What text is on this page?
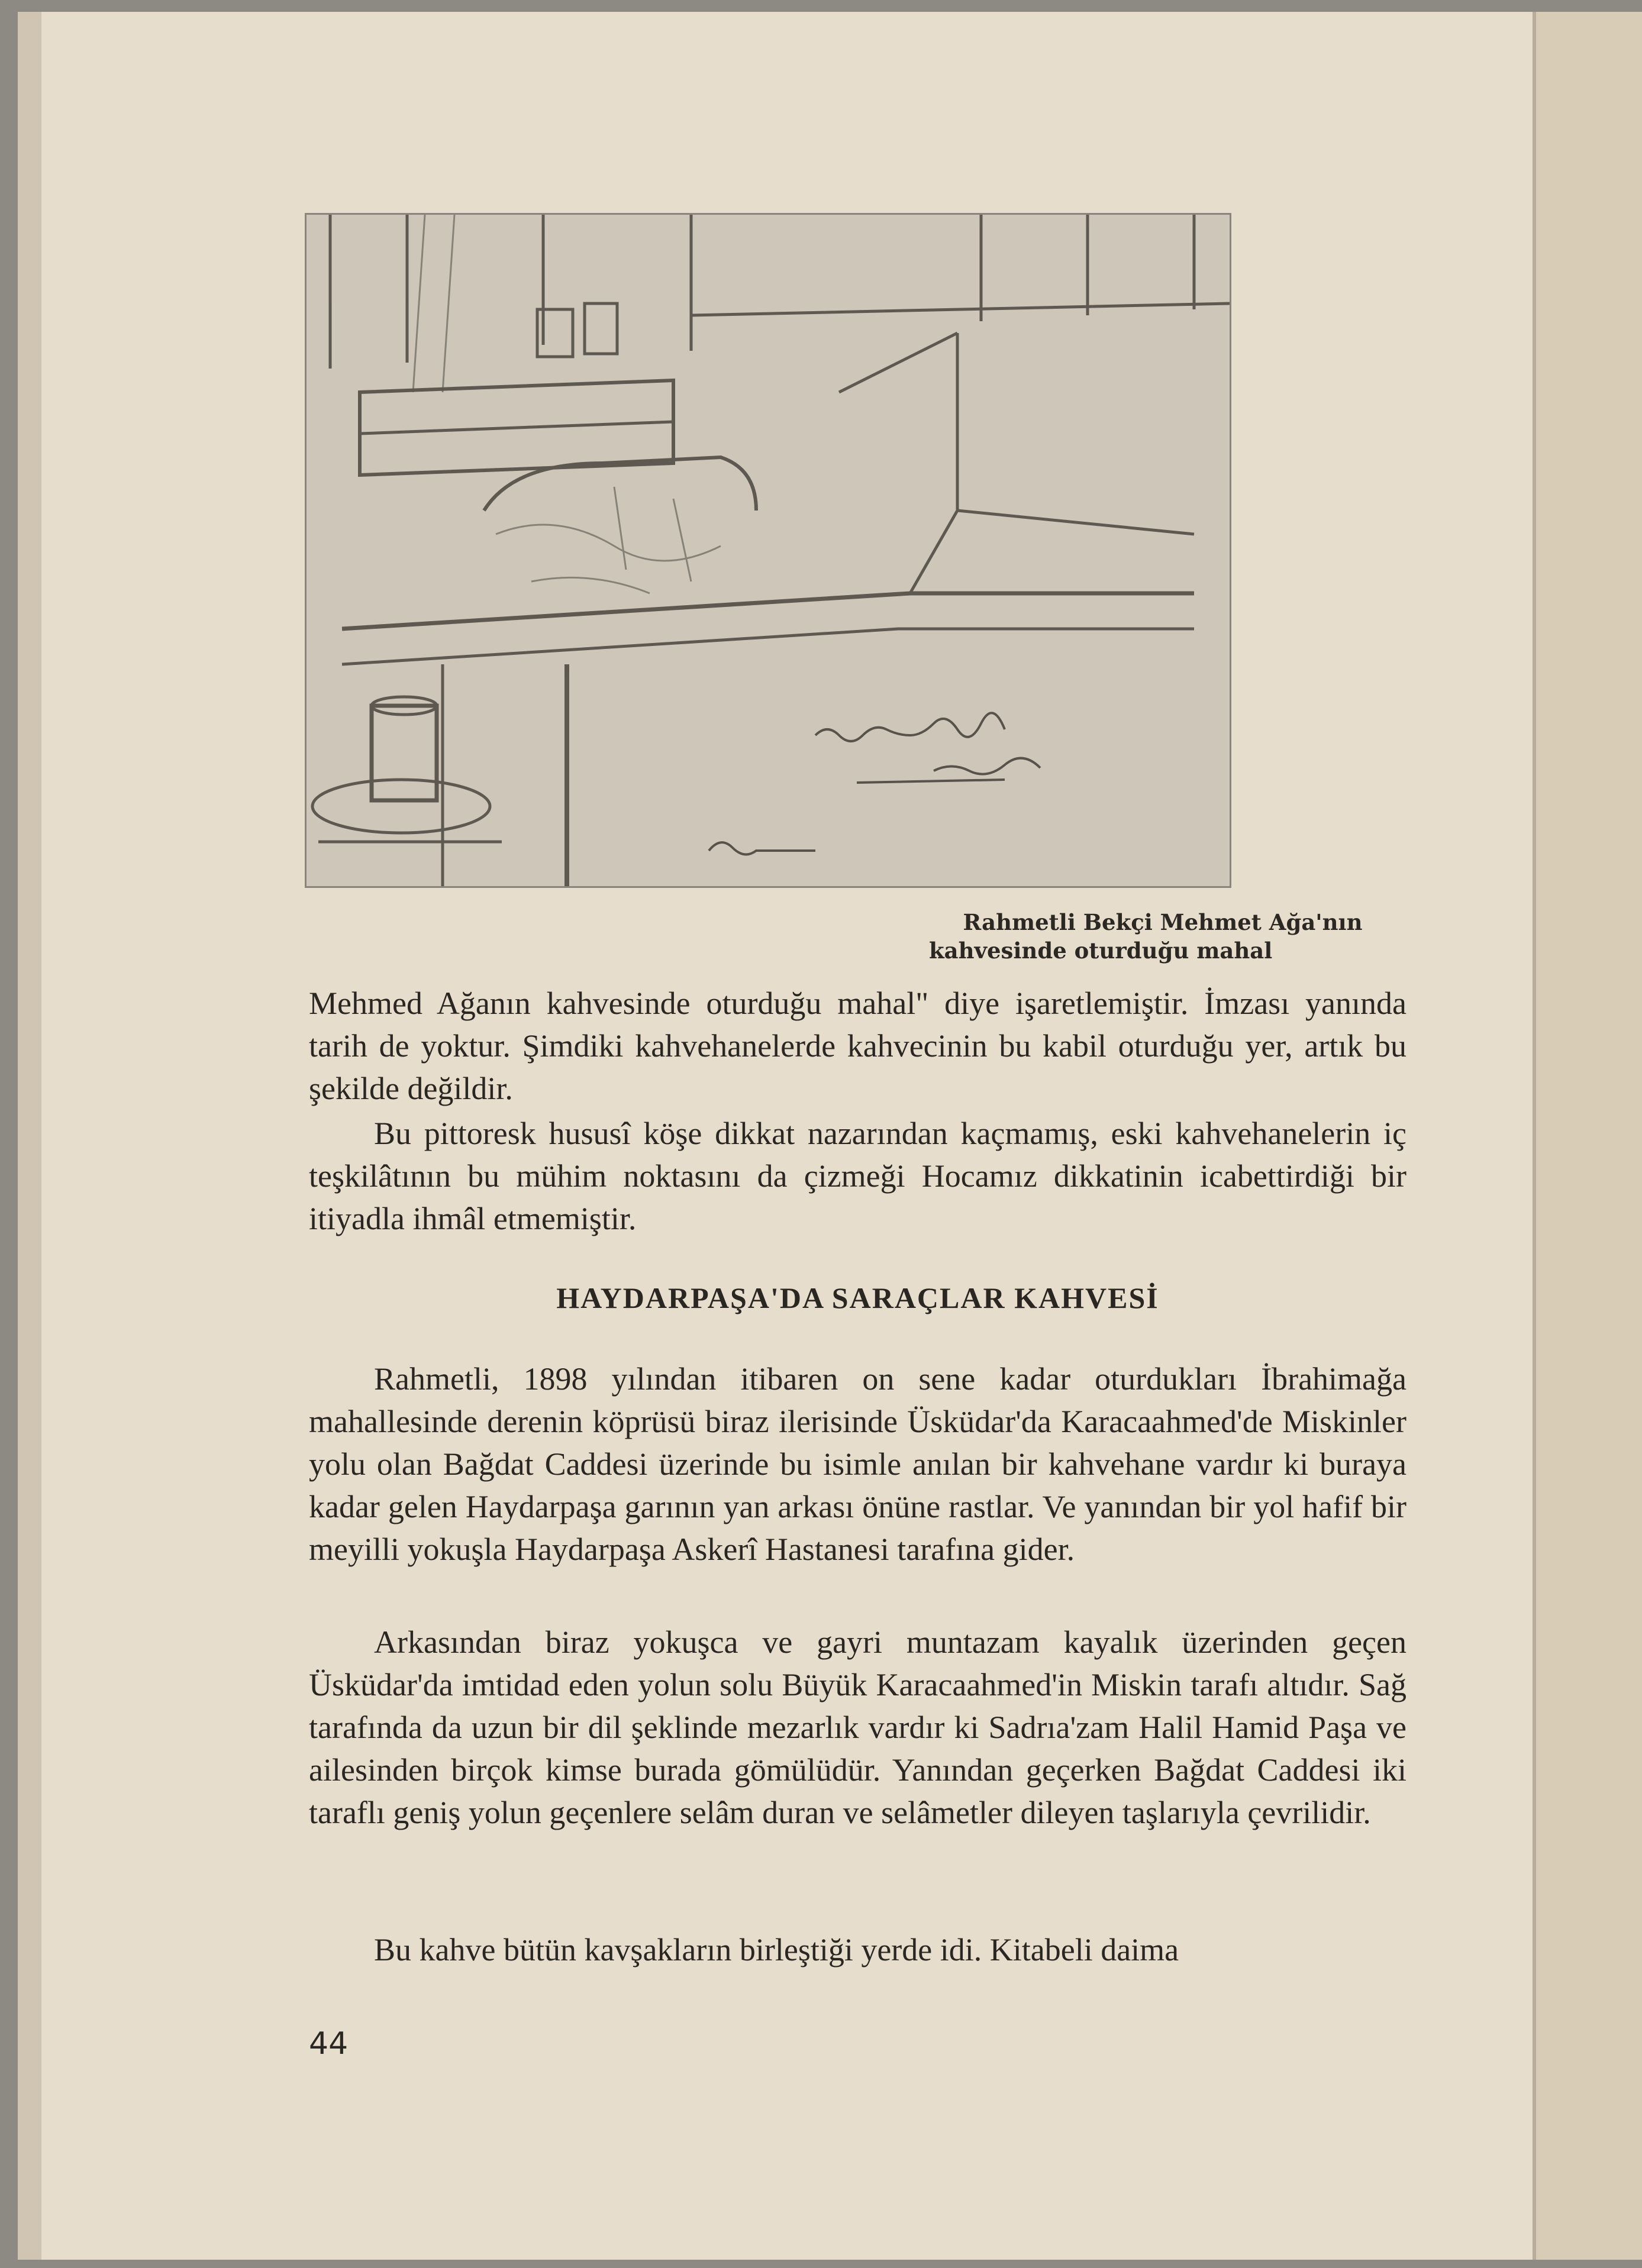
Rahmetli Bekçi Mehmet Ağa'nın
kahvesinde oturduğu mahal

Mehmed Ağanın kahvesinde oturduğu mahal" diye işaretlemiştir. İmzası yanında tarih de yoktur. Şimdiki kahvehanelerde kahvecinin bu kabil oturduğu yer, artık bu şekilde değildir.

Bu pittoresk hususî köşe dikkat nazarından kaçmamış, eski kahvehanelerin iç teşkilâtının bu mühim noktasını da çizmeği Hocamız dikkatinin icabettirdiği bir itiyadla ihmâl etmemiştir.

HAYDARPAŞA'DA SARAÇLAR KAHVESİ

Rahmetli, 1898 yılından itibaren on sene kadar oturdukları İbrahimağa mahallesinde derenin köprüsü biraz ilerisinde Üsküdar'da Karacaahmed'de Miskinler yolu olan Bağdat Caddesi üzerinde bu isimle anılan bir kahvehane vardır ki buraya kadar gelen Haydarpaşa garının yan arkası önüne rastlar. Ve yanından bir yol hafif bir meyilli yokuşla Haydarpaşa Askerî Hastanesi tarafına gider.

Arkasından biraz yokuşca ve gayri muntazam kayalık üzerinden geçen Üsküdar'da imtidad eden yolun solu Büyük Karacaahmed'in Miskin tarafı altıdır. Sağ tarafında da uzun bir dil şeklinde mezarlık vardır ki Sadrıa'zam Halil Hamid Paşa ve ailesinden birçok kimse burada gömülüdür. Yanından geçerken Bağdat Caddesi iki taraflı geniş yolun geçenlere selâm duran ve selâmetler dileyen taşlarıyla çevrilidir.

Bu kahve bütün kavşakların birleştiği yerde idi. Kitabeli daima

44
